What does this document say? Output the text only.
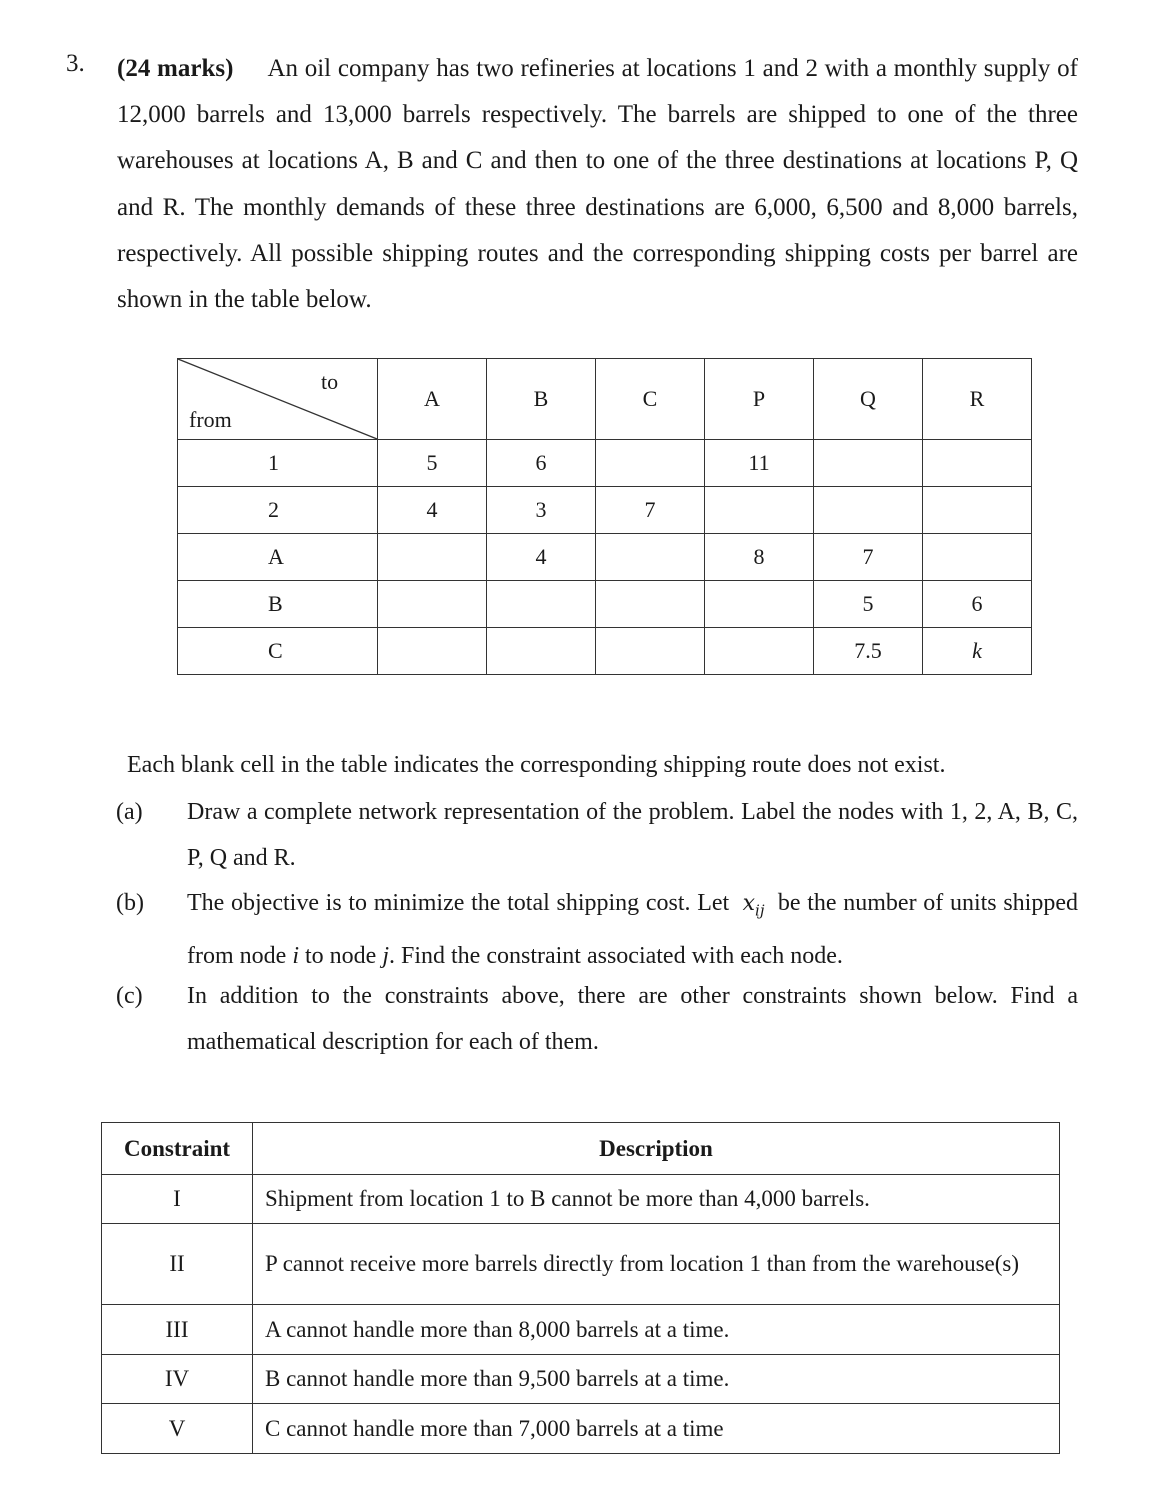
3. (24 marks) An oil company has two refineries at locations 1 and 2 with a monthly supply of 12,000 barrels and 13,000 barrels respectively. The barrels are shipped to one of the three warehouses at locations A, B and C and then to one of the three destinations at locations P, Q and R. The monthly demands of these three destinations are 6,000, 6,500 and 8,000 barrels, respectively. All possible shipping routes and the corresponding shipping costs per barrel are shown in the table below.
to
from	A	B	C	P	Q	R
1	5	6		11		
2	4	3	7			
A		4		8	7	
B					5	6
C					7.5	k
Each blank cell in the table indicates the corresponding shipping route does not exist.
(a)	Draw a complete network representation of the problem. Label the nodes with 1, 2, A, B, C, P, Q and R.
(b)	The objective is to minimize the total shipping cost. Let $x_{ij}$ be the number of units shipped from node i to node j. Find the constraint associated with each node.
(c)	In addition to the constraints above, there are other constraints shown below. Find a mathematical description for each of them.
Constraint	Description
I	Shipment from location 1 to B cannot be more than 4,000 barrels.
II	P cannot receive more barrels directly from location 1 than from the warehouse(s)
III	A cannot handle more than 8,000 barrels at a time.
IV	B cannot handle more than 9,500 barrels at a time.
V	C cannot handle more than 7,000 barrels at a time
